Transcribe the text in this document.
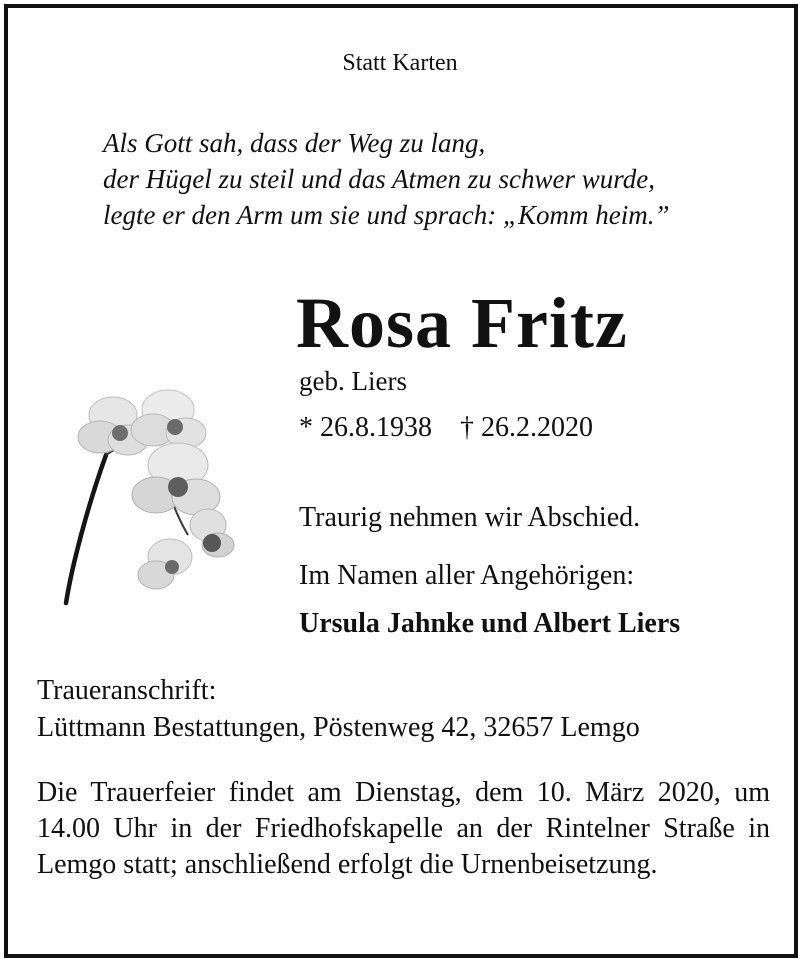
Statt Karten
Als Gott sah, dass der Weg zu lang,
der Hügel zu steil und das Atmen zu schwer wurde,
legte er den Arm um sie und sprach: „Komm heim.”
Rosa Fritz
geb. Liers
* 26.8.1938 † 26.2.2020
Traurig nehmen wir Abschied.
Im Namen aller Angehörigen:
Ursula Jahnke und Albert Liers
Traueranschrift:
Lüttmann Bestattungen, Pöstenweg 42, 32657 Lemgo
Die Trauerfeier findet am Dienstag, dem 10. März 2020, um 14.00 Uhr in der Friedhofskapelle an der Rintelner Straße in Lemgo statt; anschließend erfolgt die Urnenbeisetzung.
